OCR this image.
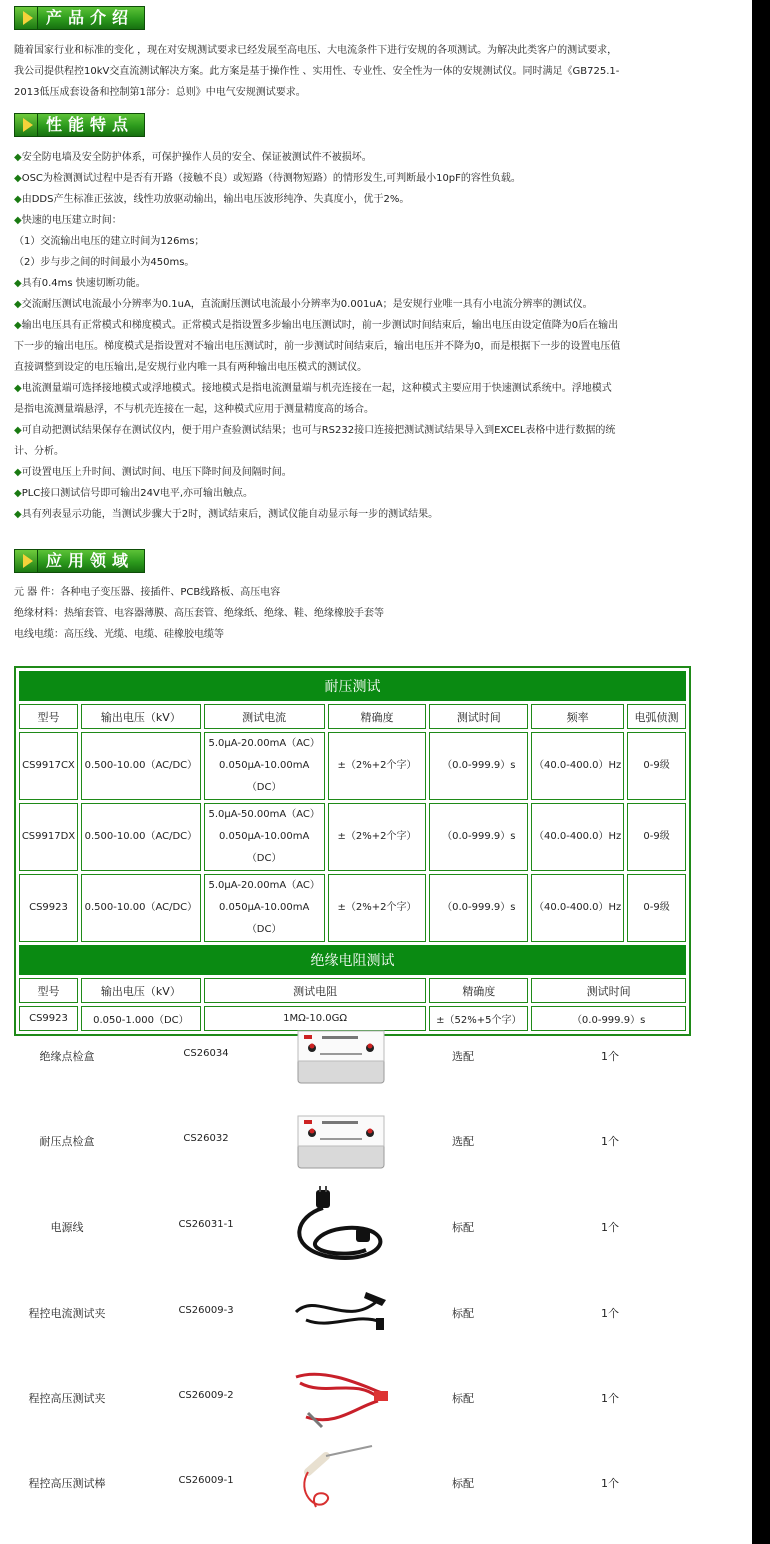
产品介绍
随着国家行业和标准的变化 ，现在对安规测试要求已经发展至高电压、大电流条件下进行安规的各项测试。为解决此类客户的测试要求，
我公司提供程控10kV交直流测试解决方案。此方案是基于操作性 、实用性、专业性、安全性为一体的安规测试仪。同时满足《GB725.1-
2013低压成套设备和控制第1部分：总则》中电气安规测试要求。
性能特点
◆安全防电墙及安全防护体系，可保护操作人员的安全、保证被测试件不被损坏。
◆OSC为检测测试过程中是否有开路（接触不良）或短路（待测物短路）的情形发生,可判断最小10pF的容性负载。
◆由DDS产生标准正弦波，线性功放驱动输出，输出电压波形纯净、失真度小，优于2%。
◆快速的电压建立时间：
（1）交流输出电压的建立时间为126ms；
（2）步与步之间的时间最小为450ms。
◆具有0.4ms 快速切断功能。
◆交流耐压测试电流最小分辨率为0.1uA，直流耐压测试电流最小分辨率为0.001uA；是安规行业唯一具有小电流分辨率的测试仪。
◆输出电压具有正常模式和梯度模式。正常模式是指设置多步输出电压测试时，前一步测试时间结束后，输出电压由设定值降为0后在输出
下一步的输出电压。梯度模式是指设置对不输出电压测试时，前一步测试时间结束后，输出电压并不降为0，而是根据下一步的设置电压值
直接调整到设定的电压输出,是安规行业内唯一具有两种输出电压模式的测试仪。
◆电流测量端可选择接地模式或浮地模式。接地模式是指电流测量端与机壳连接在一起，这种模式主要应用于快速测试系统中。浮地模式
是指电流测量端悬浮，不与机壳连接在一起，这种模式应用于测量精度高的场合。
◆可自动把测试结果保存在测试仪内，便于用户查验测试结果；也可与RS232接口连接把测试测试结果导入到EXCEL表格中进行数据的统
计、分析。
◆可设置电压上升时间、测试时间、电压下降时间及间隔时间。
◆PLC接口测试信号即可输出24V电平,亦可输出触点。
◆具有列表显示功能，当测试步骤大于2时，测试结束后，测试仪能自动显示每一步的测试结果。
应用领域
元 器 件：各种电子变压器、接插件、PCB线路板、高压电容
绝缘材料：热缩套管、电容器薄膜、高压套管、绝缘纸、绝缘、鞋、绝缘橡胶手套等
电线电缆：高压线、光缆、电缆、硅橡胶电缆等
耐压测试						
型号	输出电压（kV）	测试电流	精确度	测试时间	频率	电弧侦测
CS9917CX	0.500-10.00（AC/DC）	5.0μA-20.00mA（AC）
0.050μA-10.00mA（DC）	±（2%+2个字）	（0.0-999.9）s	（40.0-400.0）Hz	0-9级
CS9917DX	0.500-10.00（AC/DC）	5.0μA-50.00mA（AC）
0.050μA-10.00mA（DC）	±（2%+2个字）	（0.0-999.9）s	（40.0-400.0）Hz	0-9级
CS9923	0.500-10.00（AC/DC）	5.0μA-20.00mA（AC）
0.050μA-10.00mA（DC）	±（2%+2个字）	（0.0-999.9）s	（40.0-400.0）Hz	0-9级
绝缘电阻测试						
型号	输出电压（kV）	测试电阻		精确度	测试时间	
CS9923	0.050-1.000（DC）	1MΩ-10.0GΩ		±（52%+5个字）	（0.0-999.9）s	
绝缘点检盒	CS26034	选配	1个
耐压点检盒	CS26032	选配	1个
电源线	CS26031-1	标配	1个
程控电流测试夹	CS26009-3	标配	1个
程控高压测试夹	CS26009-2	标配	1个
程控高压测试棒	CS26009-1	标配	1个
